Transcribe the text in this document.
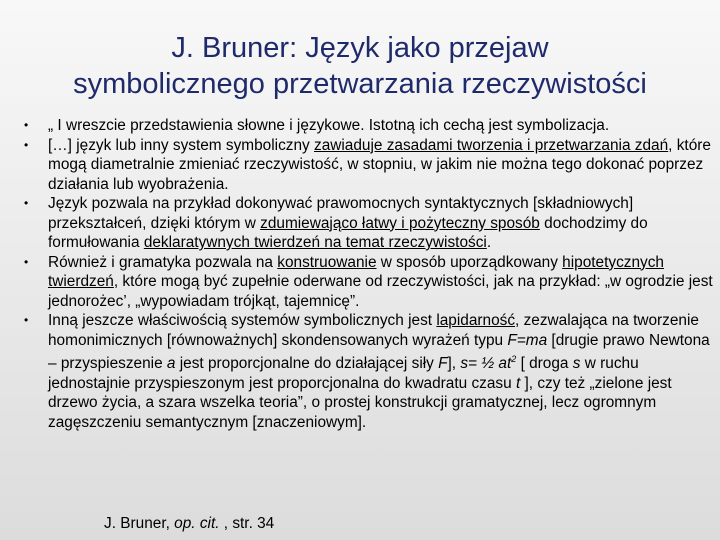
J. Bruner: Język jako przejaw
symbolicznego przetwarzania rzeczywistości
• „ I wreszcie przedstawienia słowne i językowe. Istotną ich cechą jest symbolizacja.
• […] język lub inny system symboliczny zawiaduje zasadami tworzenia i przetwarzania zdań, które mogą diametralnie zmieniać rzeczywistość, w stopniu, w jakim nie można tego dokonać poprzez działania lub wyobrażenia.
• Język pozwala na przykład dokonywać prawomocnych syntaktycznych [składniowych] przekształceń, dzięki którym w zdumiewająco łatwy i pożyteczny sposób dochodzimy do formułowania deklaratywnych twierdzeń na temat rzeczywistości.
• Również i gramatyka pozwala na konstruowanie w sposób uporządkowany hipotetycznych twierdzeń, które mogą być zupełnie oderwane od rzeczywistości, jak na przykład: „w ogrodzie jest jednorożec’, „wypowiadam trójkąt, tajemnicę”.
• Inną jeszcze właściwością systemów symbolicznych jest lapidarność, zezwalająca na tworzenie homonimicznych [równoważnych] skondensowanych wyrażeń typu F=ma [drugie prawo Newtona – przyspieszenie a jest proporcjonalne do działającej siły F], s= ½ $at^2$ [ droga s w ruchu jednostajnie przyspieszonym jest proporcjonalna do kwadratu czasu t ], czy też „zielone jest drzewo życia, a szara wszelka teoria”, o prostej konstrukcji gramatycznej, lecz ogromnym zagęszczeniu semantycznym [znaczeniowym].
J. Bruner, op. cit. , str. 34
